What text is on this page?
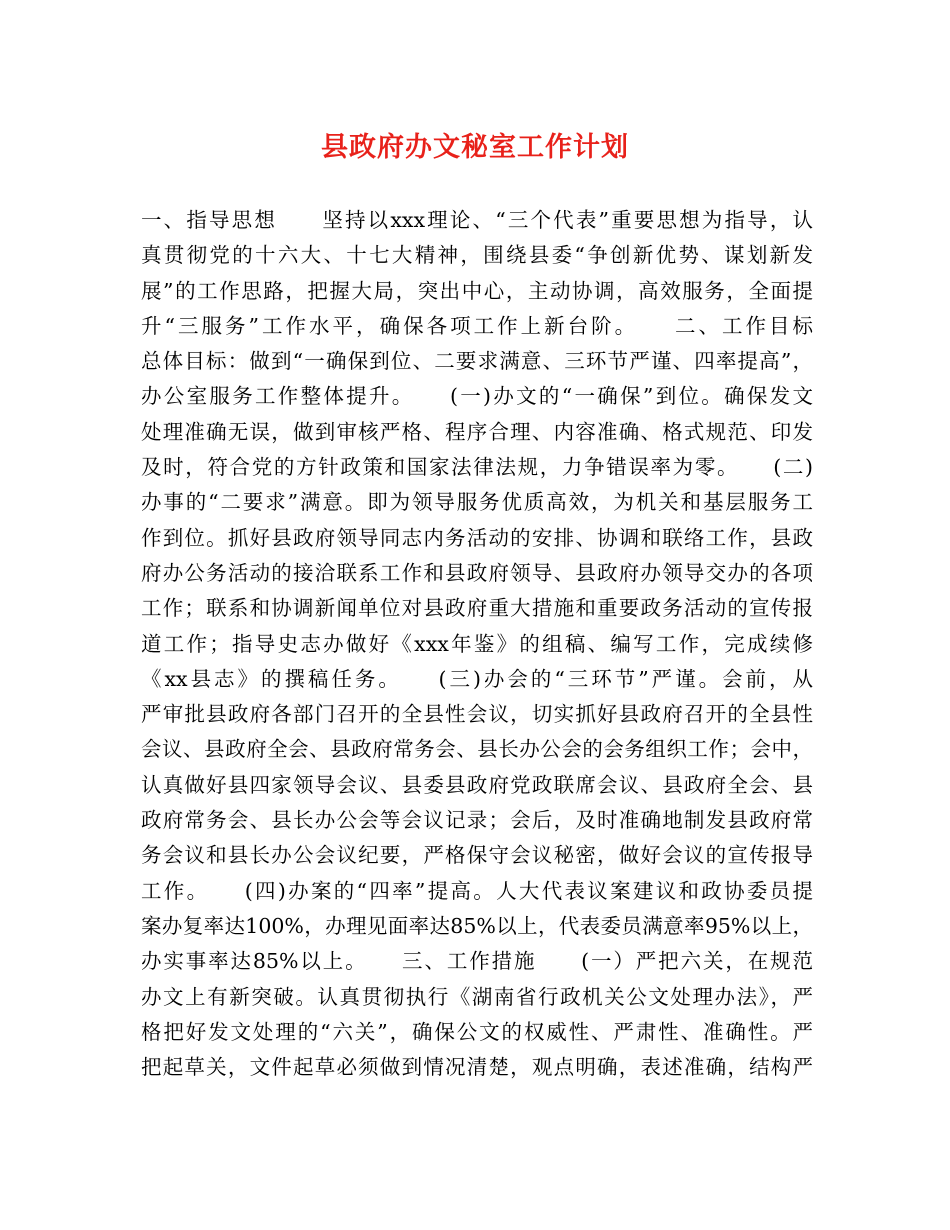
县政府办文秘室工作计划
一、指导思想　　坚持以xxx理论、“三个代表”重要思想为指导，认
真贯彻党的十六大、十七大精神，围绕县委“争创新优势、谋划新发
展”的工作思路，把握大局，突出中心，主动协调，高效服务，全面提
升“三服务”工作水平，确保各项工作上新台阶。　　二、工作目标
总体目标：做到“一确保到位、二要求满意、三环节严谨、四率提高”，
办公室服务工作整体提升。　　(一)办文的“一确保”到位。确保发文
处理准确无误，做到审核严格、程序合理、内容准确、格式规范、印发
及时，符合党的方针政策和国家法律法规，力争错误率为零。　　(二)
办事的“二要求”满意。即为领导服务优质高效，为机关和基层服务工
作到位。抓好县政府领导同志内务活动的安排、协调和联络工作，县政
府办公务活动的接洽联系工作和县政府领导、县政府办领导交办的各项
工作；联系和协调新闻单位对县政府重大措施和重要政务活动的宣传报
道工作；指导史志办做好《xxx年鉴》的组稿、编写工作，完成续修
《xx县志》的撰稿任务。　　(三)办会的“三环节”严谨。会前，从
严审批县政府各部门召开的全县性会议，切实抓好县政府召开的全县性
会议、县政府全会、县政府常务会、县长办公会的会务组织工作；会中，
认真做好县四家领导会议、县委县政府党政联席会议、县政府全会、县
政府常务会、县长办公会等会议记录；会后，及时准确地制发县政府常
务会议和县长办公会议纪要，严格保守会议秘密，做好会议的宣传报导
工作。　　(四)办案的“四率”提高。人大代表议案建议和政协委员提
案办复率达100%，办理见面率达85%以上，代表委员满意率95%以上，
办实事率达85%以上。　　三、工作措施　　(一）严把六关，在规范
办文上有新突破。认真贯彻执行《湖南省行政机关公文处理办法》，严
格把好发文处理的“六关”，确保公文的权威性、严肃性、准确性。严
把起草关，文件起草必须做到情况清楚，观点明确，表述准确，结构严
